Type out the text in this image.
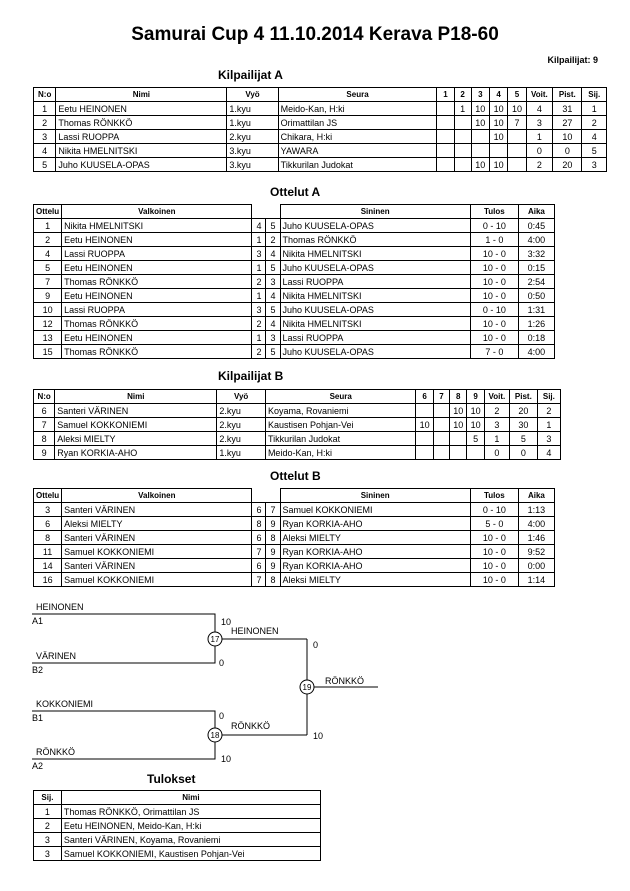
Samurai Cup 4 11.10.2014 Kerava P18-60
Kilpailijat: 9
Kilpailijat A
N:o	Nimi	Vyö	Seura	1	2	3	4	5	Voit.	Pist.	Sij.
1	Eetu HEINONEN	1.kyu	Meido-Kan, H:ki		1	10	10	10	4	31	1
2	Thomas RÖNKKÖ	1.kyu	Orimattilan JS			10	10	7	3	27	2
3	Lassi RUOPPA	2.kyu	Chikara, H:ki				10		1	10	4
4	Nikita HMELNITSKI	3.kyu	YAWARA						0	0	5
5	Juho KUUSELA-OPAS	3.kyu	Tikkurilan Judokat			10	10		2	20	3
Ottelut A
Ottelu	Valkoinen			Sininen	Tulos	Aika
1	Nikita HMELNITSKI	4	5	Juho KUUSELA-OPAS	0 - 10	0:45
2	Eetu HEINONEN	1	2	Thomas RÖNKKÖ	1 - 0	4:00
4	Lassi RUOPPA	3	4	Nikita HMELNITSKI	10 - 0	3:32
5	Eetu HEINONEN	1	5	Juho KUUSELA-OPAS	10 - 0	0:15
7	Thomas RÖNKKÖ	2	3	Lassi RUOPPA	10 - 0	2:54
9	Eetu HEINONEN	1	4	Nikita HMELNITSKI	10 - 0	0:50
10	Lassi RUOPPA	3	5	Juho KUUSELA-OPAS	0 - 10	1:31
12	Thomas RÖNKKÖ	2	4	Nikita HMELNITSKI	10 - 0	1:26
13	Eetu HEINONEN	1	3	Lassi RUOPPA	10 - 0	0:18
15	Thomas RÖNKKÖ	2	5	Juho KUUSELA-OPAS	7 - 0	4:00
Kilpailijat B
N:o	Nimi	Vyö	Seura	6	7	8	9	Voit.	Pist.	Sij.
6	Santeri VÄRINEN	2.kyu	Koyama, Rovaniemi			10	10	2	20	2
7	Samuel KOKKONIEMI	2.kyu	Kaustisen Pohjan-Vei	10		10	10	3	30	1
8	Aleksi MIELTY	2.kyu	Tikkurilan Judokat				5	1	5	3
9	Ryan KORKIA-AHO	1.kyu	Meido-Kan, H:ki					0	0	4
Ottelut B
Ottelu	Valkoinen			Sininen	Tulos	Aika
3	Santeri VÄRINEN	6	7	Samuel KOKKONIEMI	0 - 10	1:13
6	Aleksi MIELTY	8	9	Ryan KORKIA-AHO	5 - 0	4:00
8	Santeri VÄRINEN	6	8	Aleksi MIELTY	10 - 0	1:46
11	Samuel KOKKONIEMI	7	9	Ryan KORKIA-AHO	10 - 0	9:52
14	Santeri VÄRINEN	6	9	Ryan KORKIA-AHO	10 - 0	0:00
16	Samuel KOKKONIEMI	7	8	Aleksi MIELTY	10 - 0	1:14
HEINONEN
A1	10
VÄRINEN
B2
0
HEINONEN
0
KOKKONIEMI
B1	0
RÖNKKÖ
A2
10
RÖNKKÖ
10
RÖNKKÖ
17
18
19
Tulokset
Sij.	Nimi
1	Thomas RÖNKKÖ, Orimattilan JS
2	Eetu HEINONEN, Meido-Kan, H:ki
3	Santeri VÄRINEN, Koyama, Rovaniemi
3	Samuel KOKKONIEMI, Kaustisen Pohjan-Vei
